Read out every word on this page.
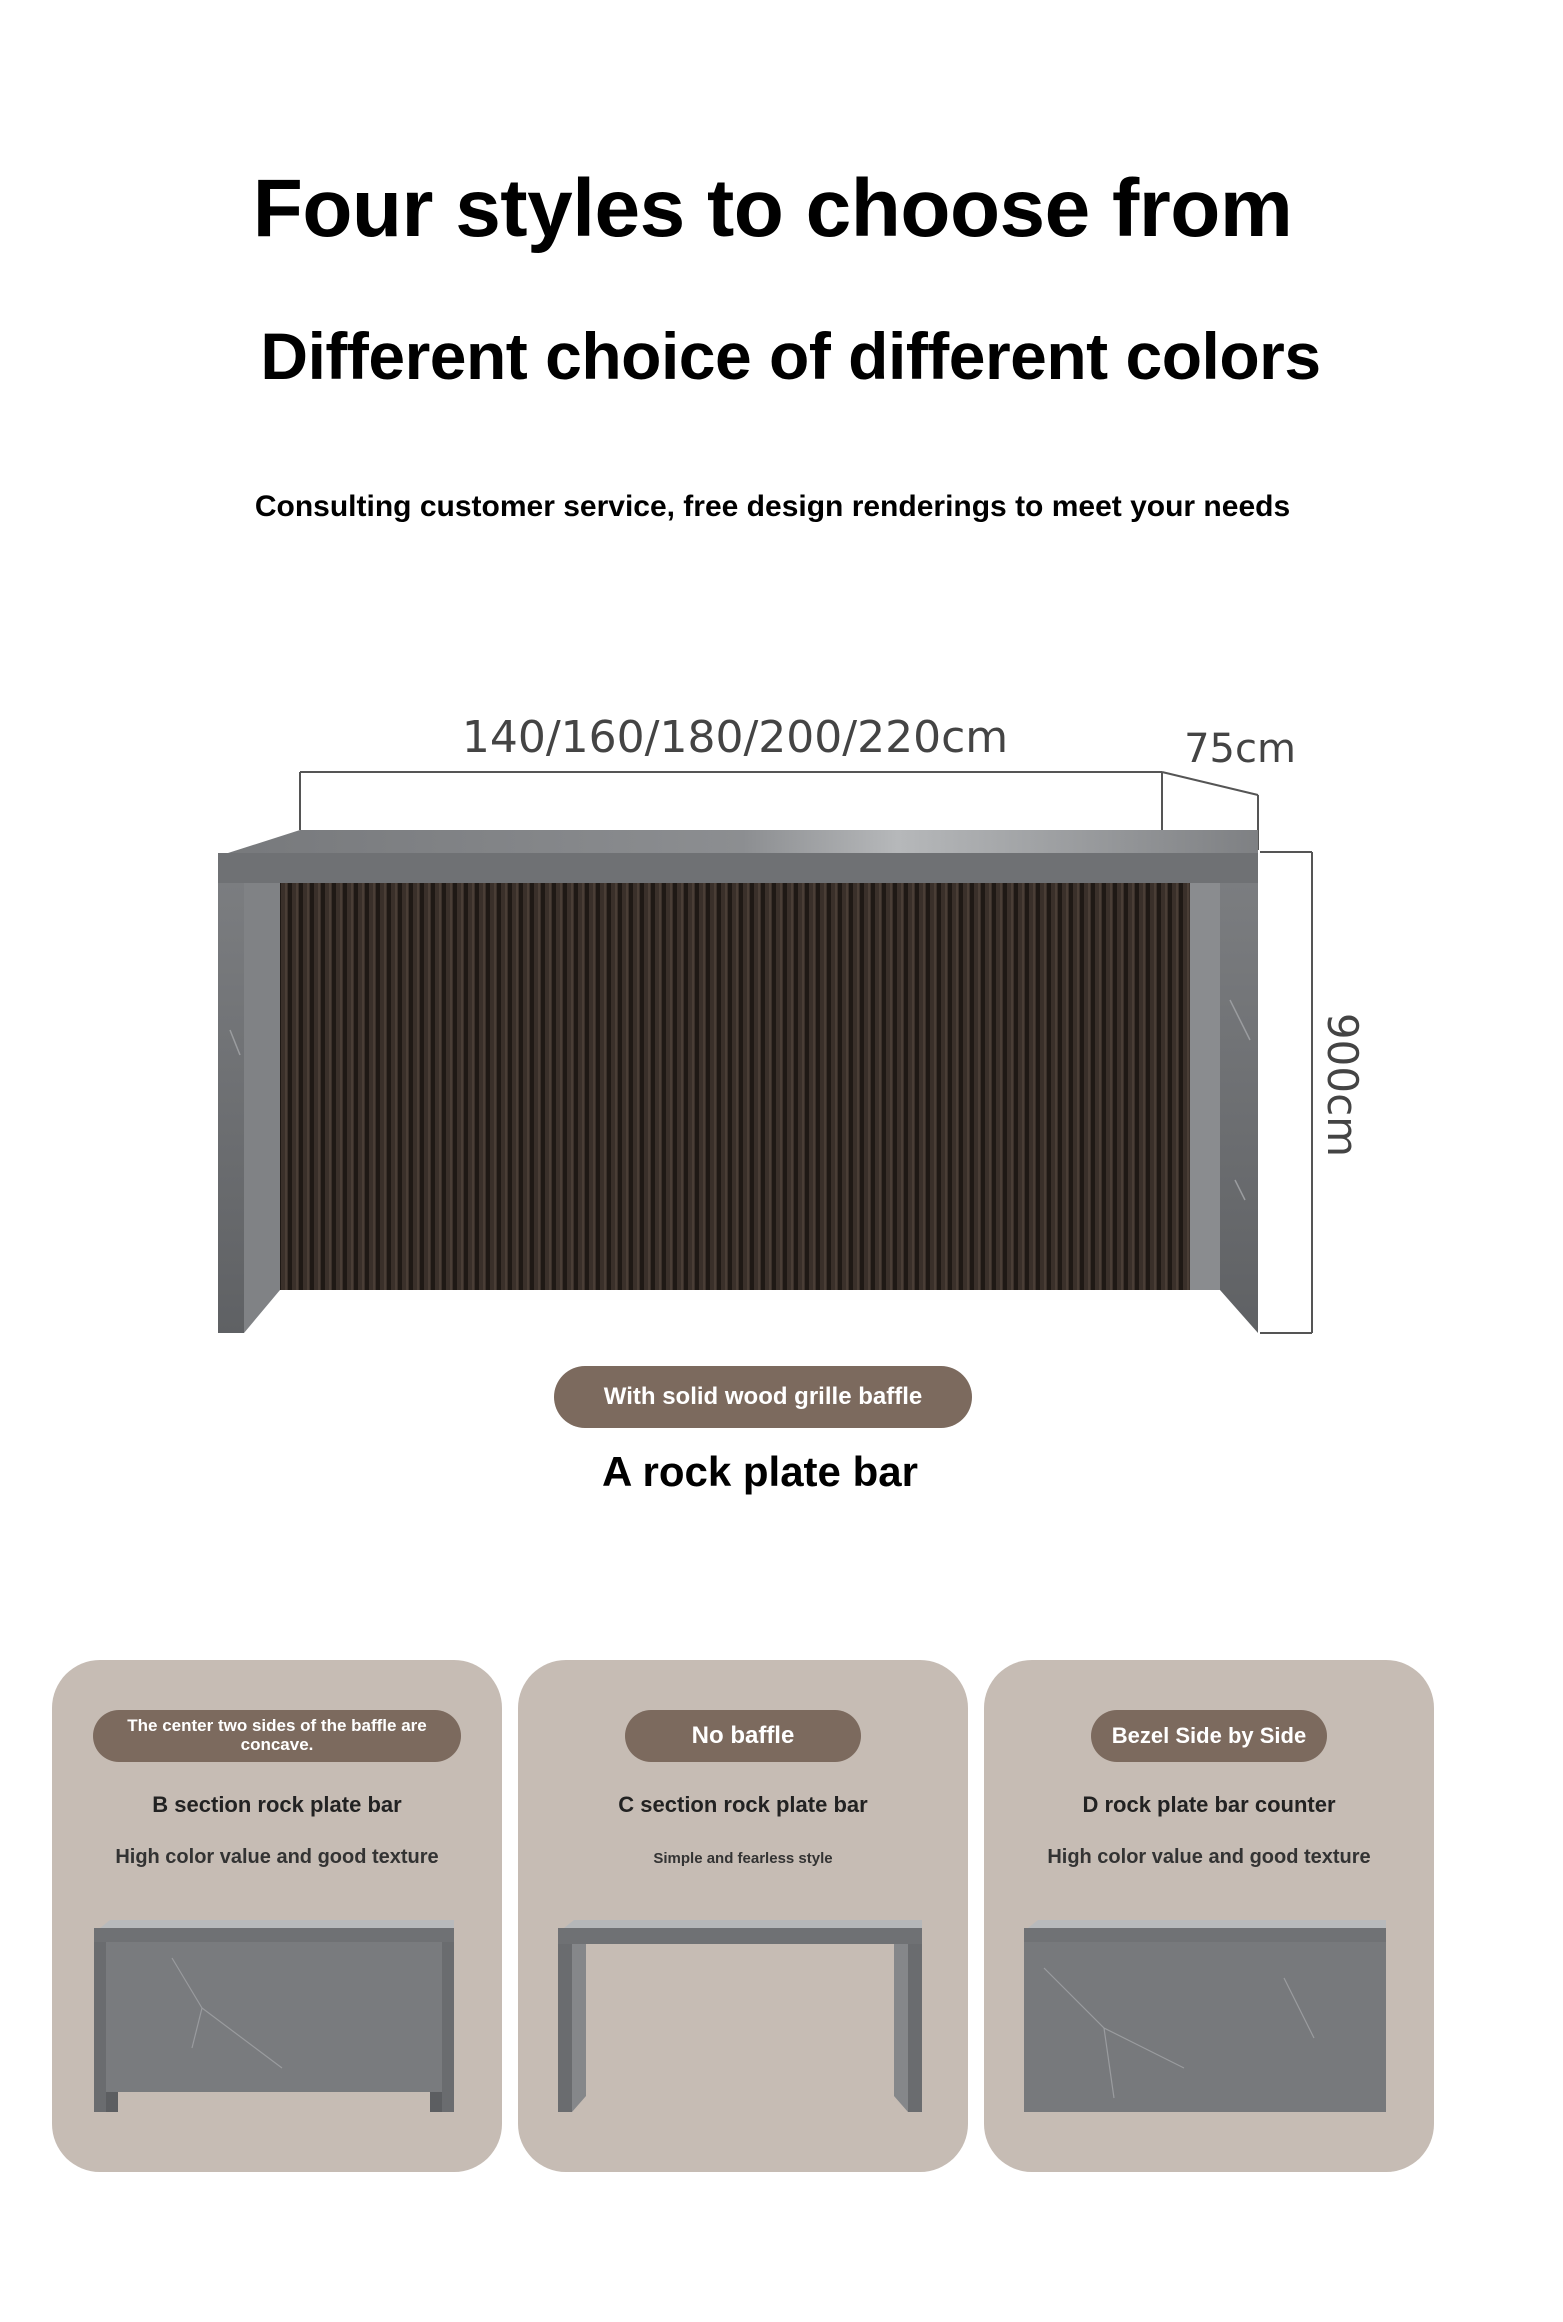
Four styles to choose from
Different choice of different colors
Consulting customer service, free design renderings to meet your needs
140/160/180/200/220cm	75cm
900cm
With solid wood grille baffle
A rock plate bar
The center two sides of the baffle are concave.
B section rock plate bar
High color value and good texture
No baffle
C section rock plate bar
Simple and fearless style
Bezel Side by Side
D rock plate bar counter
High color value and good texture
